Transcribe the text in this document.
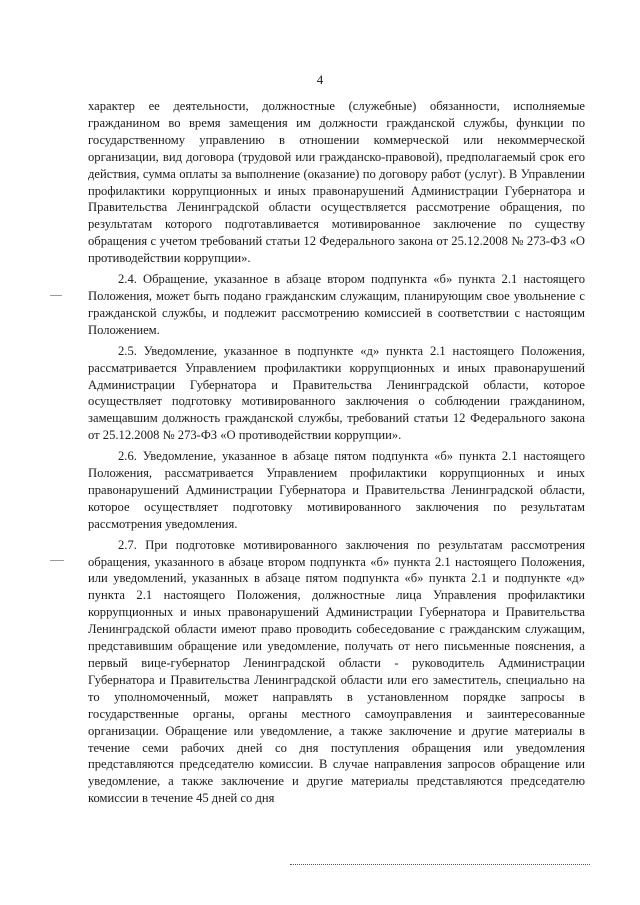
4

характер ее деятельности, должностные (служебные) обязанности, исполняемые гражданином во время замещения им должности гражданской службы, функции по государственному управлению в отношении коммерческой или некоммерческой организации, вид договора (трудовой или гражданско-правовой), предполагаемый срок его действия, сумма оплаты за выполнение (оказание) по договору работ (услуг). В Управлении профилактики коррупционных и иных правонарушений Администрации Губернатора и Правительства Ленинградской области осуществляется рассмотрение обращения, по результатам которого подготавливается мотивированное заключение по существу обращения с учетом требований статьи 12 Федерального закона от 25.12.2008 № 273-ФЗ «О противодействии коррупции».

2.4. Обращение, указанное в абзаце втором подпункта «б» пункта 2.1 настоящего Положения, может быть подано гражданским служащим, планирующим свое увольнение с гражданской службы, и подлежит рассмотрению комиссией в соответствии с настоящим Положением.

2.5. Уведомление, указанное в подпункте «д» пункта 2.1 настоящего Положения, рассматривается Управлением профилактики коррупционных и иных правонарушений Администрации Губернатора и Правительства Ленинградской области, которое осуществляет подготовку мотивированного заключения о соблюдении гражданином, замещавшим должность гражданской службы, требований статьи 12 Федерального закона от 25.12.2008 № 273-ФЗ «О противодействии коррупции».

2.6. Уведомление, указанное в абзаце пятом подпункта «б» пункта 2.1 настоящего Положения, рассматривается Управлением профилактики коррупционных и иных правонарушений Администрации Губернатора и Правительства Ленинградской области, которое осуществляет подготовку мотивированного заключения по результатам рассмотрения уведомления.

2.7. При подготовке мотивированного заключения по результатам рассмотрения обращения, указанного в абзаце втором подпункта «б» пункта 2.1 настоящего Положения, или уведомлений, указанных в абзаце пятом подпункта «б» пункта 2.1 и подпункте «д» пункта 2.1 настоящего Положения, должностные лица Управления профилактики коррупционных и иных правонарушений Администрации Губернатора и Правительства Ленинградской области имеют право проводить собеседование с гражданским служащим, представившим обращение или уведомление, получать от него письменные пояснения, а первый вице-губернатор Ленинградской области - руководитель Администрации Губернатора и Правительства Ленинградской области или его заместитель, специально на то уполномоченный, может направлять в установленном порядке запросы в государственные органы, органы местного самоуправления и заинтересованные организации. Обращение или уведомление, а также заключение и другие материалы в течение семи рабочих дней со дня поступления обращения или уведомления представляются председателю комиссии. В случае направления запросов обращение или уведомление, а также заключение и другие материалы представляются председателю комиссии в течение 45 дней со дня
